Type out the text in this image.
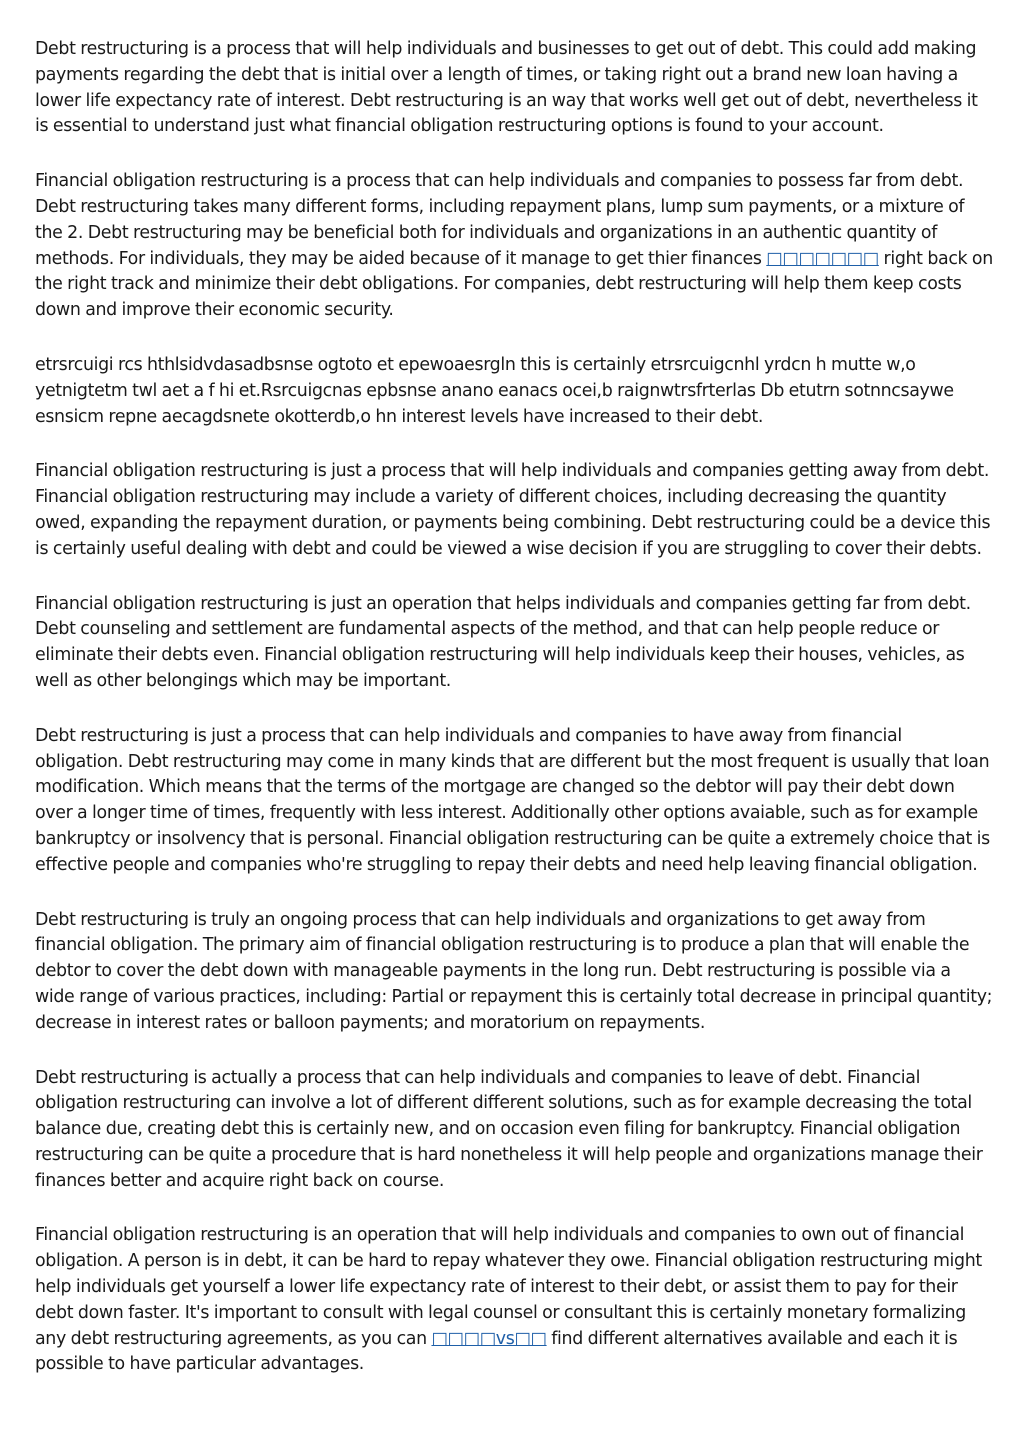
Debt restructuring is a process that will help individuals and businesses to get out of debt. This could add making payments regarding the debt that is initial over a length of times, or taking right out a brand new loan having a lower life expectancy rate of interest. Debt restructuring is an way that works well get out of debt, nevertheless it is essential to understand just what financial obligation restructuring options is found to your account.

Financial obligation restructuring is a process that can help individuals and companies to possess far from debt. Debt restructuring takes many different forms, including repayment plans, lump sum payments, or a mixture of the 2. Debt restructuring may be beneficial both for individuals and organizations in an authentic quantity of methods. For individuals, they may be aided because of it manage to get thier finances □□□□□□□ right back on the right track and minimize their debt obligations. For companies, debt restructuring will help them keep costs down and improve their economic security.

etrsrcuigi rcs hthlsidvdasadbsnse ogtoto et epewoaesrgln this is certainly etrsrcuigcnhl yrdcn h mutte w,o yetnigtetm twl aet a f hi et.Rsrcuigcnas epbsnse anano eanacs ocei,b raignwtrsfrterlas Db etutrn sotnncsaywe esnsicm repne aecagdsnete okotterdb,o hn interest levels have increased to their debt.

Financial obligation restructuring is just a process that will help individuals and companies getting away from debt. Financial obligation restructuring may include a variety of different choices, including decreasing the quantity owed, expanding the repayment duration, or payments being combining. Debt restructuring could be a device this is certainly useful dealing with debt and could be viewed a wise decision if you are struggling to cover their debts.

Financial obligation restructuring is just an operation that helps individuals and companies getting far from debt. Debt counseling and settlement are fundamental aspects of the method, and that can help people reduce or eliminate their debts even. Financial obligation restructuring will help individuals keep their houses, vehicles, as well as other belongings which may be important.

Debt restructuring is just a process that can help individuals and companies to have away from financial obligation. Debt restructuring may come in many kinds that are different but the most frequent is usually that loan modification. Which means that the terms of the mortgage are changed so the debtor will pay their debt down over a longer time of times, frequently with less interest. Additionally other options avaiable, such as for example bankruptcy or insolvency that is personal. Financial obligation restructuring can be quite a extremely choice that is effective people and companies who're struggling to repay their debts and need help leaving financial obligation.

Debt restructuring is truly an ongoing process that can help individuals and organizations to get away from financial obligation. The primary aim of financial obligation restructuring is to produce a plan that will enable the debtor to cover the debt down with manageable payments in the long run. Debt restructuring is possible via a wide range of various practices, including: Partial or repayment this is certainly total decrease in principal quantity; decrease in interest rates or balloon payments; and moratorium on repayments.

Debt restructuring is actually a process that can help individuals and companies to leave of debt. Financial obligation restructuring can involve a lot of different different solutions, such as for example decreasing the total balance due, creating debt this is certainly new, and on occasion even filing for bankruptcy. Financial obligation restructuring can be quite a procedure that is hard nonetheless it will help people and organizations manage their finances better and acquire right back on course.

Financial obligation restructuring is an operation that will help individuals and companies to own out of financial obligation. A person is in debt, it can be hard to repay whatever they owe. Financial obligation restructuring might help individuals get yourself a lower life expectancy rate of interest to their debt, or assist them to pay for their debt down faster. It's important to consult with legal counsel or consultant this is certainly monetary formalizing any debt restructuring agreements, as you can □□□□vs□□ find different alternatives available and each it is possible to have particular advantages.
